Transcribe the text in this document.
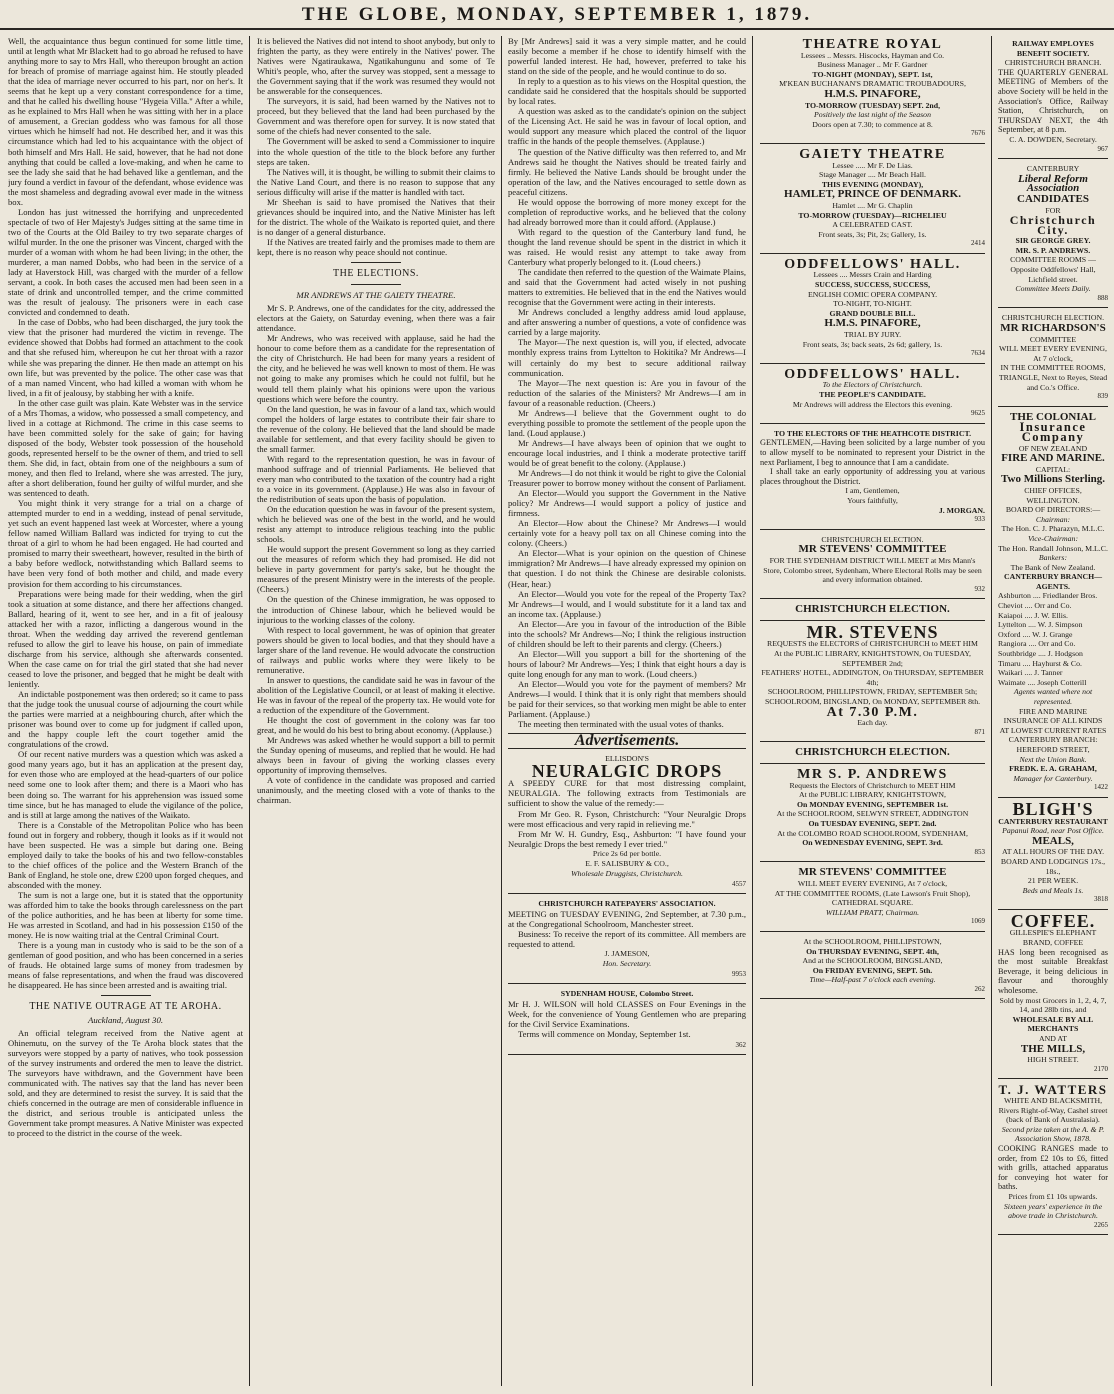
THE GLOBE, MONDAY, SEPTEMBER 1, 1879.

Well, the acquaintance thus begun continued for some little time, until at length what Mr Blackett had to go abroad he refused to have anything more to say to Mrs Hall, who thereupon brought an action for breach of promise of marriage against him. He stoutly pleaded that the idea of marriage never occurred to his part, nor on her's. It seems that he kept up a very constant correspondence for a time, and that he called his dwelling house "Hygeia Villa." After a while, as he explained to Mrs Hall when he was sitting with her in a place of amusement, a Grecian goddess who was famous for all those virtues which he himself had not. He described her, and it was this circumstance which had led to his acquaintance with the object of both himself and Mrs Hall. He said, however, that he had not done anything that could be called a love-making, and when he came to see the lady she said that he had behaved like a gentleman, and the jury found a verdict in favour of the defendant, whose evidence was the most shameless and degrading avowal ever made in the witness box.

London has just witnessed the horrifying and unprecedented spectacle of two of Her Majesty's Judges sitting at the same time in two of the Courts at the Old Bailey to try two separate charges of wilful murder. In the one the prisoner was Vincent, charged with the murder of a woman with whom he had been living; in the other, the murderer, a man named Dobbs, who had been in the service of a lady at Haverstock Hill, was charged with the murder of a fellow servant, a cook. In both cases the accused men had been seen in a state of drink and uncontrolled temper, and the crime committed was the result of jealousy. The prisoners were in each case convicted and condemned to death.

In the case of Dobbs, who had been discharged, the jury took the view that the prisoner had murdered the victim in revenge. The evidence showed that Dobbs had formed an attachment to the cook and that she refused him, whereupon he cut her throat with a razor while she was preparing the dinner. He then made an attempt on his own life, but was prevented by the police. The other case was that of a man named Vincent, who had killed a woman with whom he lived, in a fit of jealousy, by stabbing her with a knife.

In the other case guilt was plain. Kate Webster was in the service of a Mrs Thomas, a widow, who possessed a small competency, and lived in a cottage at Richmond. The crime in this case seems to have been committed solely for the sake of gain; for having disposed of the body, Webster took possession of the household goods, represented herself to be the owner of them, and tried to sell them. She did, in fact, obtain from one of the neighbours a sum of money, and then fled to Ireland, where she was arrested. The jury, after a short deliberation, found her guilty of wilful murder, and she was sentenced to death.

You might think it very strange for a trial on a charge of attempted murder to end in a wedding, instead of penal servitude, yet such an event happened last week at Worcester, where a young fellow named William Ballard was indicted for trying to cut the throat of a girl to whom he had been engaged. He had courted and promised to marry their sweetheart, however, resulted in the birth of a baby before wedlock, notwithstanding which Ballard seems to have been very fond of both mother and child, and made every provision for them according to his circumstances.

Preparations were being made for their wedding, when the girl took a situation at some distance, and there her affections changed. Ballard, hearing of it, went to see her, and in a fit of jealousy attacked her with a razor, inflicting a dangerous wound in the throat. When the wedding day arrived the reverend gentleman refused to allow the girl to leave his house, on pain of immediate discharge from his service, although she afterwards consented. When the case came on for trial the girl stated that she had never ceased to love the prisoner, and begged that he might be dealt with leniently.

An indictable postponement was then ordered; so it came to pass that the judge took the unusual course of adjourning the court while the parties were married at a neighbouring church, after which the prisoner was bound over to come up for judgment if called upon, and the happy couple left the court together amid the congratulations of the crowd.

Of our recent native murders was a question which was asked a good many years ago, but it has an application at the present day, for even those who are employed at the head-quarters of our police need some one to look after them; and there is a Maori who has been doing so. The warrant for his apprehension was issued some time since, but he has managed to elude the vigilance of the police, and is still at large among the natives of the Waikato.

There is a Constable of the Metropolitan Police who has been found out in forgery and robbery, though it looks as if it would not have been suspected. He was a simple but daring one. Being employed daily to take the books of his and two fellow-constables to the chief offices of the police and the Western Branch of the Bank of England, he stole one, drew £200 upon forged cheques, and absconded with the money.

The sum is not a large one, but it is stated that the opportunity was afforded him to take the books through carelessness on the part of the police authorities, and he has been at liberty for some time. He was arrested in Scotland, and had in his possession £150 of the money. He is now waiting trial at the Central Criminal Court.

There is a young man in custody who is said to be the son of a gentleman of good position, and who has been concerned in a series of frauds. He obtained large sums of money from tradesmen by means of false representations, and when the fraud was discovered he disappeared. He has since been arrested and is awaiting trial.

THE NATIVE OUTRAGE AT TE AROHA.
Auckland, August 30.

An official telegram received from the Native agent at Ohinemutu, on the survey of the Te Aroha block states that the surveyors were stopped by a party of natives, who took possession of the survey instruments and ordered the men to leave the district. The surveyors have withdrawn, and the Government have been communicated with. The natives say that the land has never been sold, and they are determined to resist the survey. It is said that the chiefs concerned in the outrage are men of considerable influence in the district, and serious trouble is anticipated unless the Government take prompt measures. A Native Minister was expected to proceed to the district in the course of the week.

It is believed the Natives did not intend to shoot anybody, but only to frighten the party, as they were entirely in the Natives' power. The Natives were Ngatiraukawa, Ngatikahungunu and some of Te Whiti's people, who, after the survey was stopped, sent a message to the Government saying that if the work was resumed they would not be answerable for the consequences.

The surveyors, it is said, had been warned by the Natives not to proceed, but they believed that the land had been purchased by the Government and was therefore open for survey. It is now stated that some of the chiefs had never consented to the sale.

The Government will be asked to send a Commissioner to inquire into the whole question of the title to the block before any further steps are taken.

The Natives will, it is thought, be willing to submit their claims to the Native Land Court, and there is no reason to suppose that any serious difficulty will arise if the matter is handled with tact.

Mr Sheehan is said to have promised the Natives that their grievances should be inquired into, and the Native Minister has left for the district. The whole of the Waikato is reported quiet, and there is no danger of a general disturbance.

If the Natives are treated fairly and the promises made to them are kept, there is no reason why peace should not continue.

THE ELECTIONS.
MR ANDREWS AT THE GAIETY THEATRE.

Mr S. P. Andrews, one of the candidates for the city, addressed the electors at the Gaiety, on Saturday evening, when there was a fair attendance.

Mr Andrews, who was received with applause, said he had the honour to come before them as a candidate for the representation of the city of Christchurch. He had been for many years a resident of the city, and he believed he was well known to most of them. He was not going to make any promises which he could not fulfil, but he would tell them plainly what his opinions were upon the various questions which were before the country.

On the land question, he was in favour of a land tax, which would compel the holders of large estates to contribute their fair share to the revenue of the colony. He believed that the land should be made available for settlement, and that every facility should be given to the small farmer.

With regard to the representation question, he was in favour of manhood suffrage and of triennial Parliaments. He believed that every man who contributed to the taxation of the country had a right to a voice in its government. (Applause.) He was also in favour of the redistribution of seats upon the basis of population.

On the education question he was in favour of the present system, which he believed was one of the best in the world, and he would resist any attempt to introduce religious teaching into the public schools.

He would support the present Government so long as they carried out the measures of reform which they had promised. He did not believe in party government for party's sake, but he thought the measures of the present Ministry were in the interests of the people. (Cheers.)

On the question of the Chinese immigration, he was opposed to the introduction of Chinese labour, which he believed would be injurious to the working classes of the colony.

With respect to local government, he was of opinion that greater powers should be given to local bodies, and that they should have a larger share of the land revenue. He would advocate the construction of railways and public works where they were likely to be remunerative.

In answer to questions, the candidate said he was in favour of the abolition of the Legislative Council, or at least of making it elective. He was in favour of the repeal of the property tax. He would vote for a reduction of the expenditure of the Government.

He thought the cost of government in the colony was far too great, and he would do his best to bring about economy. (Applause.)

Mr Andrews was asked whether he would support a bill to permit the Sunday opening of museums, and replied that he would. He had always been in favour of giving the working classes every opportunity of improving themselves.

A vote of confidence in the candidate was proposed and carried unanimously, and the meeting closed with a vote of thanks to the chairman.

By [Mr Andrews] said it was a very simple matter, and he could easily become a member if he chose to identify himself with the powerful landed interest. He had, however, preferred to take his stand on the side of the people, and he would continue to do so.

In reply to a question as to his views on the Hospital question, the candidate said he considered that the hospitals should be supported by local rates.

A question was asked as to the candidate's opinion on the subject of the Licensing Act. He said he was in favour of local option, and would support any measure which placed the control of the liquor traffic in the hands of the people themselves. (Applause.)

The question of the Native difficulty was then referred to, and Mr Andrews said he thought the Natives should be treated fairly and firmly. He believed the Native Lands should be brought under the operation of the law, and the Natives encouraged to settle down as peaceful citizens.

He would oppose the borrowing of more money except for the completion of reproductive works, and he believed that the colony had already borrowed more than it could afford. (Applause.)

With regard to the question of the Canterbury land fund, he thought the land revenue should be spent in the district in which it was raised. He would resist any attempt to take away from Canterbury what properly belonged to it. (Loud cheers.)

The candidate then referred to the question of the Waimate Plains, and said that the Government had acted wisely in not pushing matters to extremities. He believed that in the end the Natives would recognise that the Government were acting in their interests.

Mr Andrews concluded a lengthy address amid loud applause, and after answering a number of questions, a vote of confidence was carried by a large majority.

The Mayor—The next question is, will you, if elected, advocate monthly express trains from Lyttelton to Hokitika? Mr Andrews—I will certainly do my best to secure additional railway communication.

The Mayor—The next question is: Are you in favour of the reduction of the salaries of the Ministers? Mr Andrews—I am in favour of a reasonable reduction. (Cheers.)

Mr Andrews—I believe that the Government ought to do everything possible to promote the settlement of the people upon the land. (Loud applause.)

Mr Andrews—I have always been of opinion that we ought to encourage local industries, and I think a moderate protective tariff would be of great benefit to the colony. (Applause.)

Mr Andrews—I do not think it would be right to give the Colonial Treasurer power to borrow money without the consent of Parliament.

An Elector—Would you support the Government in the Native policy? Mr Andrews—I would support a policy of justice and firmness.

An Elector—How about the Chinese? Mr Andrews—I would certainly vote for a heavy poll tax on all Chinese coming into the colony. (Cheers.)

An Elector—What is your opinion on the question of Chinese immigration? Mr Andrews—I have already expressed my opinion on that question. I do not think the Chinese are desirable colonists. (Hear, hear.)

An Elector—Would you vote for the repeal of the Property Tax? Mr Andrews—I would, and I would substitute for it a land tax and an income tax. (Applause.)

An Elector—Are you in favour of the introduction of the Bible into the schools? Mr Andrews—No; I think the religious instruction of children should be left to their parents and clergy. (Cheers.)

An Elector—Will you support a bill for the shortening of the hours of labour? Mr Andrews—Yes; I think that eight hours a day is quite long enough for any man to work. (Loud cheers.)

An Elector—Would you vote for the payment of members? Mr Andrews—I would. I think that it is only right that members should be paid for their services, so that working men might be able to enter Parliament. (Applause.)

The meeting then terminated with the usual votes of thanks.

Advertisements.
ELLISDON'S
NEURALGIC DROPS

A SPEEDY CURE for that most distressing complaint, NEURALGIA. The following extracts from Testimonials are sufficient to show the value of the remedy:—

From Mr Geo. R. Fyson, Christchurch: "Your Neuralgic Drops were most efficacious and very rapid in relieving me."

From Mr W. H. Gundry, Esq., Ashburton: "I have found your Neuralgic Drops the best remedy I ever tried."

Price 2s 6d per bottle.
E. F. SALISBURY & CO.,
Wholesale Druggists, Christchurch.
4557
CHRISTCHURCH RATEPAYERS' ASSOCIATION.

MEETING on TUESDAY EVENING, 2nd September, at 7.30 p.m., at the Congregational Schoolroom, Manchester street.

Business: To receive the report of its committee. All members are requested to attend.

J. JAMESON,
Hon. Secretary.
9953
SYDENHAM HOUSE, Colombo Street.

Mr H. J. WILSON will hold CLASSES on Four Evenings in the Week, for the convenience of Young Gentlemen who are preparing for the Civil Service Examinations.

Terms will commence on Monday, September 1st.

362
THEATRE ROYAL
Lessees .. Messrs. Hiscocks, Hayman and Co.
Business Manager .. Mr F. Gardner
TO-NIGHT (MONDAY), SEPT. 1st,
M'KEAN BUCHANAN'S DRAMATIC TROUBADOURS,
H.M.S. PINAFORE,
TO-MORROW (TUESDAY) SEPT. 2nd,
Positively the last night of the Season
Doors open at 7.30; to commence at 8.
7676
GAIETY THEATRE
Lessee ..... Mr F. De Lias.
Stage Manager .... Mr Beach Hall.
THIS EVENING (MONDAY),
HAMLET, PRINCE OF DENMARK.
Hamlet .... Mr G. Chaplin
TO-MORROW (TUESDAY)—RICHELIEU
A CELEBRATED CAST.
Front seats, 3s; Pit, 2s; Gallery, 1s.
2414
ODDFELLOWS' HALL.
Lessees .... Messrs Crain and Harding
SUCCESS, SUCCESS, SUCCESS,
ENGLISH COMIC OPERA COMPANY.
TO-NIGHT, TO-NIGHT.
GRAND DOUBLE BILL.
H.M.S. PINAFORE,
TRIAL BY JURY.
Front seats, 3s; back seats, 2s 6d; gallery, 1s.
7634
ODDFELLOWS' HALL.
To the Electors of Christchurch.
THE PEOPLE'S CANDIDATE.
Mr Andrews will address the Electors this evening.
9625
TO THE ELECTORS OF THE HEATHCOTE DISTRICT.

GENTLEMEN,—Having been solicited by a large number of you to allow myself to be nominated to represent your District in the next Parliament, I beg to announce that I am a candidate.

I shall take an early opportunity of addressing you at various places throughout the District.

I am, Gentlemen,
Yours faithfully,
J. MORGAN.
933
CHRISTCHURCH ELECTION.
MR STEVENS' COMMITTEE
FOR THE SYDENHAM DISTRICT WILL MEET at Mrs Mann's Store, Colombo street, Sydenham, Where Electoral Rolls may be seen and every information obtained.
932
CHRISTCHURCH ELECTION.
MR. STEVENS
REQUESTS the ELECTORS of CHRISTCHURCH to MEET HIM
At the PUBLIC LIBRARY, KNIGHTSTOWN, On TUESDAY, SEPTEMBER 2nd;
FEATHERS' HOTEL, ADDINGTON, On THURSDAY, SEPTEMBER 4th;
SCHOOLROOM, PHILLIPSTOWN, FRIDAY, SEPTEMBER 5th;
SCHOOLROOM, BINGSLAND, On MONDAY, SEPTEMBER 8th.
At 7.30 P.M.
Each day.
871
CHRISTCHURCH ELECTION.
MR S. P. ANDREWS
Requests the Electors of Christchurch to MEET HIM
At the PUBLIC LIBRARY, KNIGHTSTOWN,
On MONDAY EVENING, SEPTEMBER 1st.
At the SCHOOLROOM, SELWYN STREET, ADDINGTON
On TUESDAY EVENING, SEPT. 2nd.
At the COLOMBO ROAD SCHOOLROOM, SYDENHAM,
On WEDNESDAY EVENING, SEPT. 3rd.
853
MR STEVENS' COMMITTEE
WILL MEET EVERY EVENING, At 7 o'clock,
AT THE COMMITTEE ROOMS, (Late Lawson's Fruit Shop), CATHEDRAL SQUARE.
WILLIAM PRATT, Chairman.
1069
At the SCHOOLROOM, PHILLIPSTOWN,
On THURSDAY EVENING, SEPT. 4th,
And at the SCHOOLROOM, BINGSLAND,
On FRIDAY EVENING, SEPT. 5th.
Time—Half-past 7 o'clock each evening.
262
RAILWAY EMPLOYES BENEFIT SOCIETY.
CHRISTCHURCH BRANCH.

THE QUARTERLY GENERAL MEETING of Members of the above Society will be held in the Association's Office, Railway Station, Christchurch, on THURSDAY NEXT, the 4th September, at 8 p.m.

C. A. DOWDEN, Secretary.
967
CANTERBURY
Liberal Reform Association
CANDIDATES
FOR
Christchurch City.
SIR GEORGE GREY.
MR. S. P. ANDREWS.
COMMITTEE ROOMS — Opposite Oddfellows' Hall, Lichfield street.
Committee Meets Daily.
888
CHRISTCHURCH ELECTION.
MR RICHARDSON'S
COMMITTEE
WILL MEET EVERY EVENING,
At 7 o'clock,
IN THE COMMITTEE ROOMS, TRIANGLE, Next to Reyes, Stead and Co.'s Office.
839
THE COLONIAL
Insurance Company
OF NEW ZEALAND
FIRE AND MARINE.
CAPITAL:
Two Millions Sterling.
CHIEF OFFICES, WELLINGTON.
BOARD OF DIRECTORS:—
Chairman:
The Hon. C. J. Pharazyn, M.L.C.
Vice-Chairman:
The Hon. Randall Johnson, M.L.C.
Bankers:
The Bank of New Zealand.
CANTERBURY BRANCH—AGENTS.
Ashburton .... Friedlander Bros.
Cheviot .... Orr and Co.
Kaiapoi .... J. W. Ellis.
Lyttelton .... W. J. Simpson
Oxford .... W. J. Grange
Rangiora .... Orr and Co.
Southbridge .... J. Hodgson
Timaru .... Hayhurst & Co.
Waikari .... J. Tanner
Waimate .... Joseph Cotterill
Agents wanted where not represented.
FIRE AND MARINE INSURANCE OF ALL KINDS
AT LOWEST CURRENT RATES
CANTERBURY BRANCH:
HEREFORD STREET,
Next the Union Bank.
FREDK. E. A. GRAHAM,
Manager for Canterbury.
1422
BLIGH'S
CANTERBURY RESTAURANT
Papanui Road, near Post Office.
MEALS,
AT ALL HOURS OF THE DAY.
BOARD AND LODGINGS 17s., 18s.,
21 PER WEEK.
Beds and Meals 1s.
3818
COFFEE.
GILLESPIE'S ELEPHANT BRAND, COFFEE

HAS long been recognised as the most suitable Breakfast Beverage, it being delicious in flavour and thoroughly wholesome.

Sold by most Grocers in 1, 2, 4, 7, 14, and 28lb tins, and
WHOLESALE BY ALL MERCHANTS
AND AT
THE MILLS,
HIGH STREET.
2170
T. J. WATTERS
WHITE AND BLACKSMITH,
Rivers Right-of-Way, Cashel street (back of Bank of Australasia).
Second prize taken at the A. & P. Association Show, 1878.

COOKING RANGES made to order, from £2 10s to £6, fitted with grills, attached apparatus for conveying hot water for baths.

Prices from £1 10s upwards.
Sixteen years' experience in the above trade in Christchurch.
2265
